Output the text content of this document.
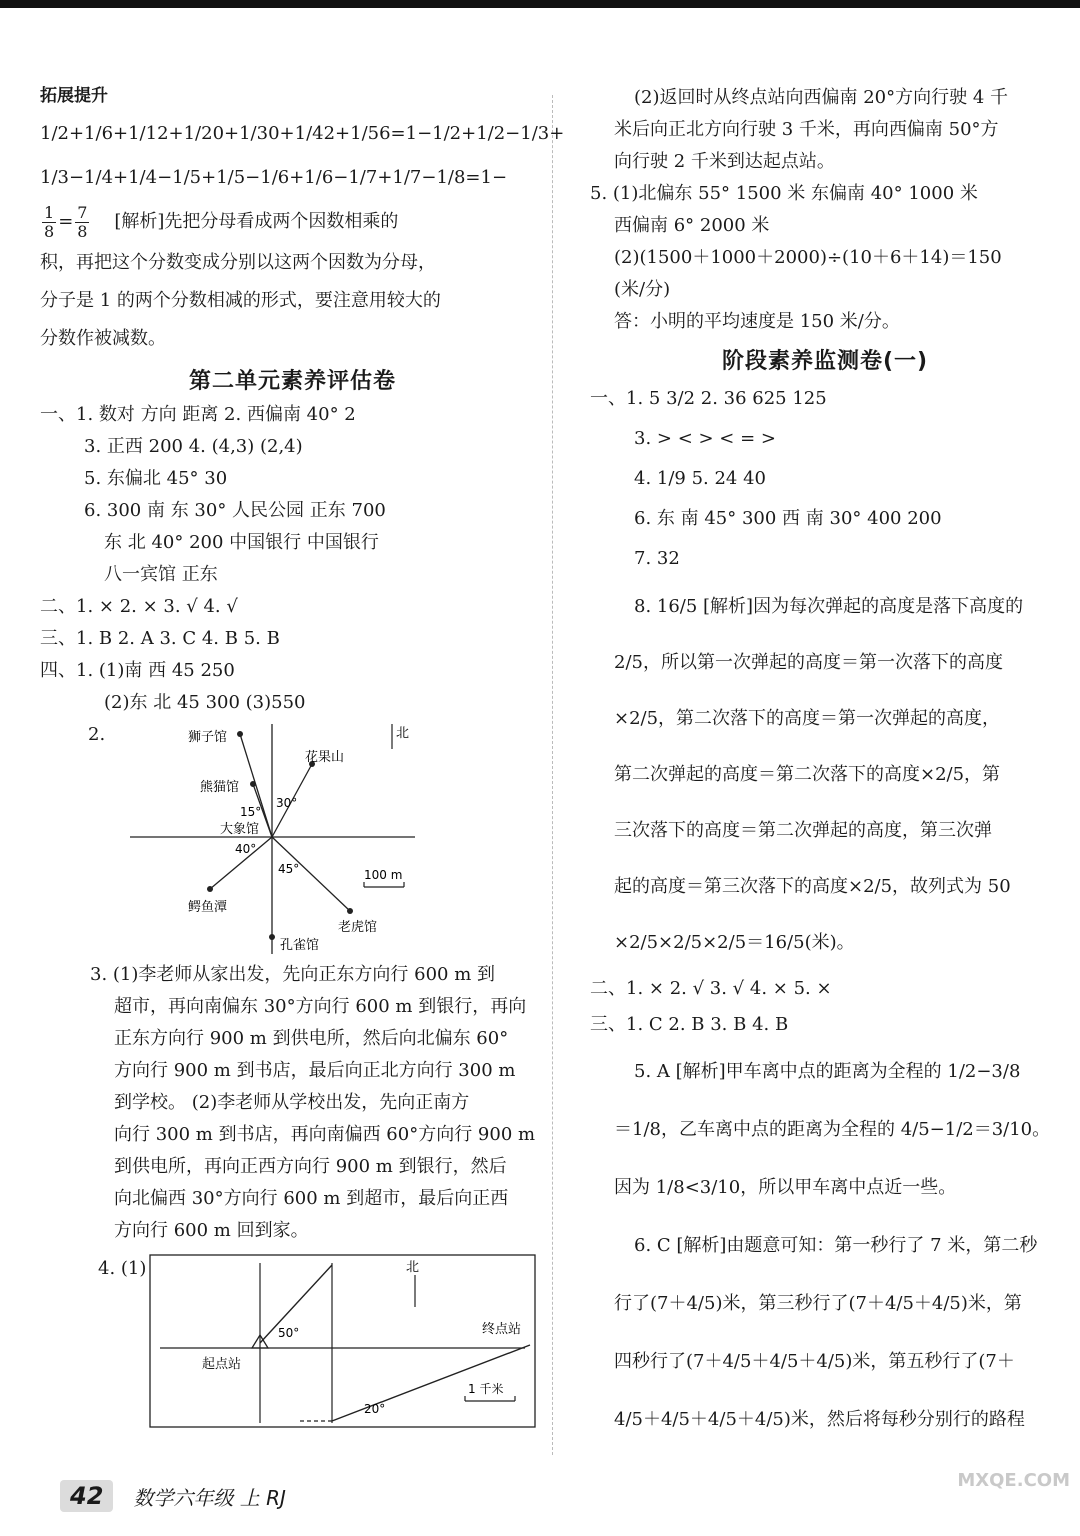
拓展提升
1/2+1/6+1/12+1/20+1/30+1/42+1/56=1−1/2+1/2−1/3+
1/3−1/4+1/4−1/5+1/5−1/6+1/6−1/7+1/7−1/8=1−
$\frac{1}{8} = \frac{7}{8}$ [解析]先把分母看成两个因数相乘的
积，再把这个分数变成分别以这两个因数为分母，
分子是 1 的两个分数相减的形式，要注意用较大的
分数作被减数。
第二单元素养评估卷
一、1. 数对 方向 距离 2. 西偏南 40° 2
3. 正西 200 4. (4,3) (2,4)
5. 东偏北 45° 30
6. 300 南 东 30° 人民公园 正东 700
东 北 40° 200 中国银行 中国银行
八一宾馆 正东
二、1. × 2. × 3. √ 4. √
三、1. B 2. A 3. C 4. B 5. B
四、1. (1)南 西 45 250
(2)东 北 45 300 (3)550
2.	北
狮子馆
花果山
熊猫馆
30°
15°
大象馆
40°
45°
鳄鱼潭
老虎馆
孔雀馆
100 m
3. (1)李老师从家出发，先向正东方向行 600 m 到
超市，再向南偏东 30°方向行 600 m 到银行，再向
正东方向行 900 m 到供电所，然后向北偏东 60°
方向行 900 m 到书店，最后向正北方向行 300 m
到学校。 (2)李老师从学校出发，先向正南方
向行 300 m 到书店，再向南偏西 60°方向行 900 m
到供电所，再向正西方向行 900 m 到银行，然后
向北偏西 30°方向行 600 m 到超市，最后向正西
方向行 600 m 回到家。
4. (1)	北
50°
起点站
终点站
20°
1 千米
(2)返回时从终点站向西偏南 20°方向行驶 4 千
米后向正北方向行驶 3 千米，再向西偏南 50°方
向行驶 2 千米到达起点站。
5. (1)北偏东 55° 1500 米 东偏南 40° 1000 米
西偏南 6° 2000 米
(2)(1500＋1000＋2000)÷(10＋6＋14)＝150
(米/分)
答：小明的平均速度是 150 米/分。
阶段素养监测卷(一)
一、1. 5 3/2 2. 36 625 125
3. > < > < = >
4. 1/9 5. 24 40
6. 东 南 45° 300 西 南 30° 400 200
7. 32
8. 16/5 [解析]因为每次弹起的高度是落下高度的
2/5，所以第一次弹起的高度＝第一次落下的高度
×2/5，第二次落下的高度＝第一次弹起的高度，
第二次弹起的高度＝第二次落下的高度×2/5，第
三次落下的高度＝第二次弹起的高度，第三次弹
起的高度＝第三次落下的高度×2/5，故列式为 50
×2/5×2/5×2/5＝16/5(米)。
二、1. × 2. √ 3. √ 4. × 5. ×
三、1. C 2. B 3. B 4. B
5. A [解析]甲车离中点的距离为全程的 1/2−3/8
＝1/8，乙车离中点的距离为全程的 4/5−1/2＝3/10。
因为 1/8<3/10，所以甲车离中点近一些。
6. C [解析]由题意可知：第一秒行了 7 米，第二秒
行了(7＋4/5)米，第三秒行了(7＋4/5＋4/5)米，第
四秒行了(7＋4/5＋4/5＋4/5)米，第五秒行了(7＋
4/5＋4/5＋4/5＋4/5)米，然后将每秒分别行的路程
42	数学六年级 上 RJ
MXQE.COM
